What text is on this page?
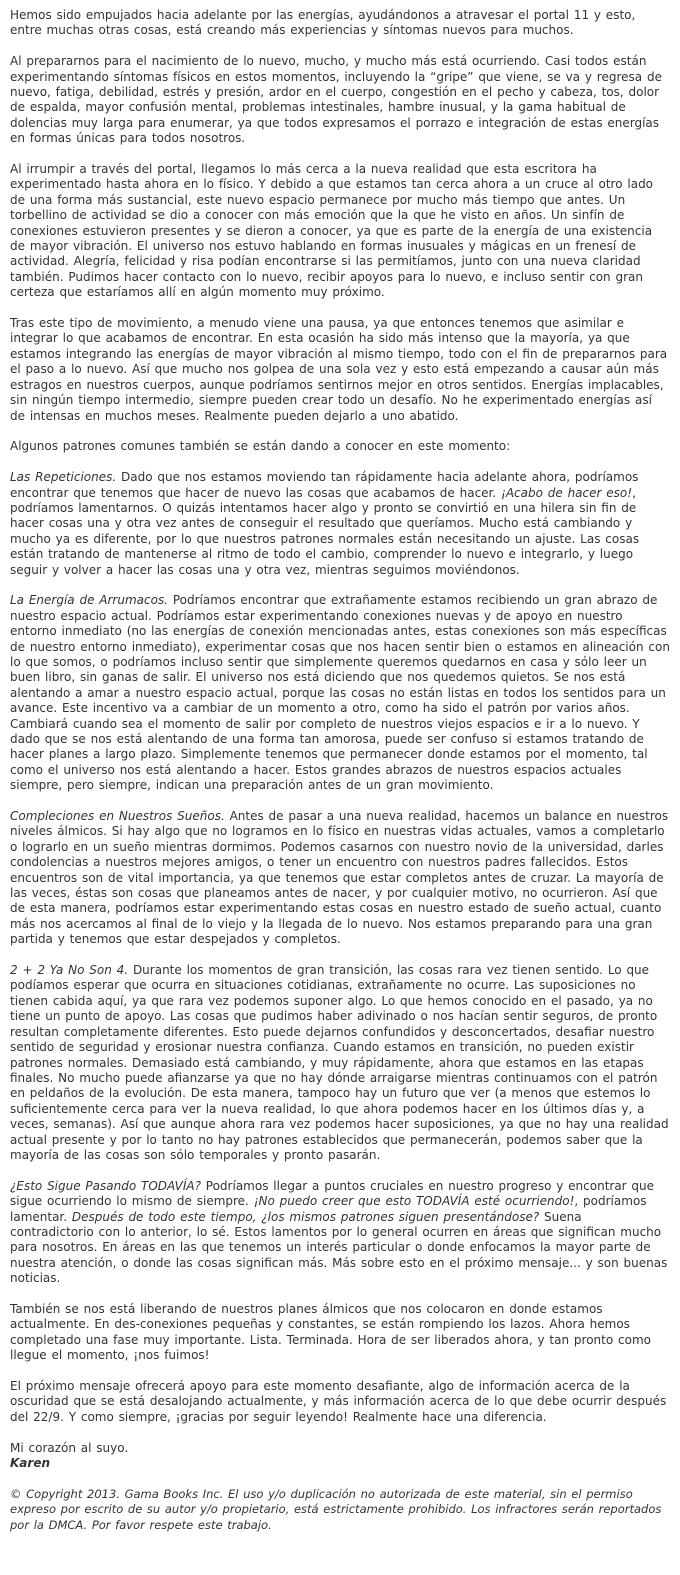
Hemos sido empujados hacia adelante por las energías, ayudándonos a atravesar el portal 11 y esto, entre muchas otras cosas, está creando más experiencias y síntomas nuevos para muchos.

Al prepararnos para el nacimiento de lo nuevo, mucho, y mucho más está ocurriendo. Casi todos están experimentando síntomas físicos en estos momentos, incluyendo la “gripe” que viene, se va y regresa de nuevo, fatiga, debilidad, estrés y presión, ardor en el cuerpo, congestión en el pecho y cabeza, tos, dolor de espalda, mayor confusión mental, problemas intestinales, hambre inusual, y la gama habitual de dolencias muy larga para enumerar, ya que todos expresamos el porrazo e integración de estas energías en formas únicas para todos nosotros.

Al irrumpir a través del portal, llegamos lo más cerca a la nueva realidad que esta escritora ha experimentado hasta ahora en lo físico. Y debido a que estamos tan cerca ahora a un cruce al otro lado de una forma más sustancial, este nuevo espacio permanece por mucho más tiempo que antes. Un torbellino de actividad se dio a conocer con más emoción que la que he visto en años. Un sinfín de conexiones estuvieron presentes y se dieron a conocer, ya que es parte de la energía de una existencia de mayor vibración. El universo nos estuvo hablando en formas inusuales y mágicas en un frenesí de actividad. Alegría, felicidad y risa podían encontrarse si las permitíamos, junto con una nueva claridad también. Pudimos hacer contacto con lo nuevo, recibir apoyos para lo nuevo, e incluso sentir con gran certeza que estaríamos allí en algún momento muy próximo.

Tras este tipo de movimiento, a menudo viene una pausa, ya que entonces tenemos que asimilar e integrar lo que acabamos de encontrar. En esta ocasión ha sido más intenso que la mayoría, ya que estamos integrando las energías de mayor vibración al mismo tiempo, todo con el fin de prepararnos para el paso a lo nuevo. Así que mucho nos golpea de una sola vez y esto está empezando a causar aún más estragos en nuestros cuerpos, aunque podríamos sentirnos mejor en otros sentidos. Energías implacables, sin ningún tiempo intermedio, siempre pueden crear todo un desafío. No he experimentado energías así de intensas en muchos meses. Realmente pueden dejarlo a uno abatido.

Algunos patrones comunes también se están dando a conocer en este momento:

Las Repeticiones. Dado que nos estamos moviendo tan rápidamente hacia adelante ahora, podríamos encontrar que tenemos que hacer de nuevo las cosas que acabamos de hacer. ¡Acabo de hacer eso!, podríamos lamentarnos. O quizás intentamos hacer algo y pronto se convirtió en una hilera sin fin de hacer cosas una y otra vez antes de conseguir el resultado que queríamos. Mucho está cambiando y mucho ya es diferente, por lo que nuestros patrones normales están necesitando un ajuste. Las cosas están tratando de mantenerse al ritmo de todo el cambio, comprender lo nuevo e integrarlo, y luego seguir y volver a hacer las cosas una y otra vez, mientras seguimos moviéndonos.

La Energía de Arrumacos. Podríamos encontrar que extrañamente estamos recibiendo un gran abrazo de nuestro espacio actual. Podríamos estar experimentando conexiones nuevas y de apoyo en nuestro entorno inmediato (no las energías de conexión mencionadas antes, estas conexiones son más específicas de nuestro entorno inmediato), experimentar cosas que nos hacen sentir bien o estamos en alineación con lo que somos, o podríamos incluso sentir que simplemente queremos quedarnos en casa y sólo leer un buen libro, sin ganas de salir. El universo nos está diciendo que nos quedemos quietos. Se nos está alentando a amar a nuestro espacio actual, porque las cosas no están listas en todos los sentidos para un avance. Este incentivo va a cambiar de un momento a otro, como ha sido el patrón por varios años. Cambiará cuando sea el momento de salir por completo de nuestros viejos espacios e ir a lo nuevo. Y dado que se nos está alentando de una forma tan amorosa, puede ser confuso si estamos tratando de hacer planes a largo plazo. Simplemente tenemos que permanecer donde estamos por el momento, tal como el universo nos está alentando a hacer. Estos grandes abrazos de nuestros espacios actuales siempre, pero siempre, indican una preparación antes de un gran movimiento.

Compleciones en Nuestros Sueños. Antes de pasar a una nueva realidad, hacemos un balance en nuestros niveles álmicos. Si hay algo que no logramos en lo físico en nuestras vidas actuales, vamos a completarlo o lograrlo en un sueño mientras dormimos. Podemos casarnos con nuestro novio de la universidad, darles condolencias a nuestros mejores amigos, o tener un encuentro con nuestros padres fallecidos. Estos encuentros son de vital importancia, ya que tenemos que estar completos antes de cruzar. La mayoría de las veces, éstas son cosas que planeamos antes de nacer, y por cualquier motivo, no ocurrieron. Así que de esta manera, podríamos estar experimentando estas cosas en nuestro estado de sueño actual, cuanto más nos acercamos al final de lo viejo y la llegada de lo nuevo. Nos estamos preparando para una gran partida y tenemos que estar despejados y completos.

2 + 2 Ya No Son 4. Durante los momentos de gran transición, las cosas rara vez tienen sentido. Lo que podíamos esperar que ocurra en situaciones cotidianas, extrañamente no ocurre. Las suposiciones no tienen cabida aquí, ya que rara vez podemos suponer algo. Lo que hemos conocido en el pasado, ya no tiene un punto de apoyo. Las cosas que pudimos haber adivinado o nos hacían sentir seguros, de pronto resultan completamente diferentes. Esto puede dejarnos confundidos y desconcertados, desafiar nuestro sentido de seguridad y erosionar nuestra confianza. Cuando estamos en transición, no pueden existir patrones normales. Demasiado está cambiando, y muy rápidamente, ahora que estamos en las etapas finales. No mucho puede afianzarse ya que no hay dónde arraigarse mientras continuamos con el patrón en peldaños de la evolución. De esta manera, tampoco hay un futuro que ver (a menos que estemos lo suficientemente cerca para ver la nueva realidad, lo que ahora podemos hacer en los últimos días y, a veces, semanas). Así que aunque ahora rara vez podemos hacer suposiciones, ya que no hay una realidad actual presente y por lo tanto no hay patrones establecidos que permanecerán, podemos saber que la mayoría de las cosas son sólo temporales y pronto pasarán.

¿Esto Sigue Pasando TODAVÍA? Podríamos llegar a puntos cruciales en nuestro progreso y encontrar que sigue ocurriendo lo mismo de siempre. ¡No puedo creer que esto TODAVÍA esté ocurriendo!, podríamos lamentar. Después de todo este tiempo, ¿los mismos patrones siguen presentándose? Suena contradictorio con lo anterior, lo sé. Estos lamentos por lo general ocurren en áreas que significan mucho para nosotros. En áreas en las que tenemos un interés particular o donde enfocamos la mayor parte de nuestra atención, o donde las cosas significan más. Más sobre esto en el próximo mensaje... y son buenas noticias.

También se nos está liberando de nuestros planes álmicos que nos colocaron en donde estamos actualmente. En des-conexiones pequeñas y constantes, se están rompiendo los lazos. Ahora hemos completado una fase muy importante. Lista. Terminada. Hora de ser liberados ahora, y tan pronto como llegue el momento, ¡nos fuimos!

El próximo mensaje ofrecerá apoyo para este momento desafiante, algo de información acerca de la oscuridad que se está desalojando actualmente, y más información acerca de lo que debe ocurrir después del 22/9. Y como siempre, ¡gracias por seguir leyendo! Realmente hace una diferencia.

Mi corazón al suyo.
Karen

© Copyright 2013. Gama Books Inc. El uso y/o duplicación no autorizada de este material, sin el permiso expreso por escrito de su autor y/o propietario, está estrictamente prohibido. Los infractores serán reportados por la DMCA. Por favor respete este trabajo.
